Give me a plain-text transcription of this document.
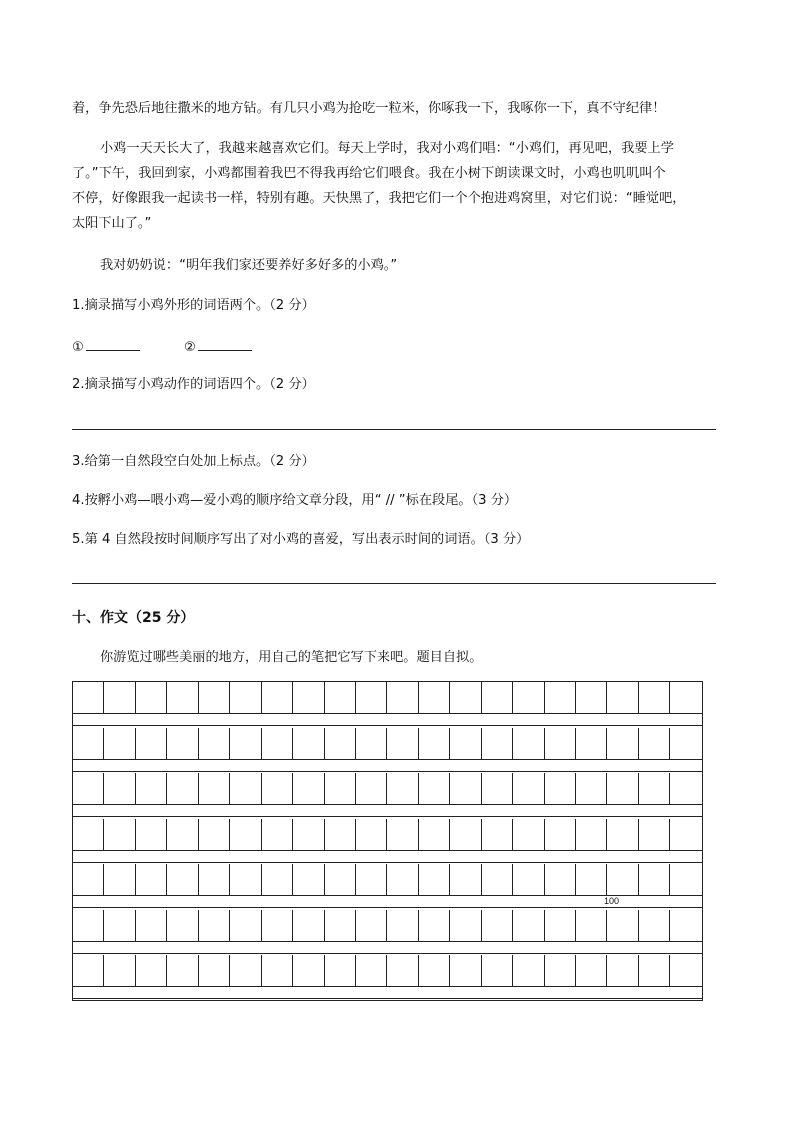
着，争先恐后地往撒米的地方钻。有几只小鸡为抢吃一粒米，你啄我一下，我啄你一下，真不守纪律！
小鸡一天天长大了，我越来越喜欢它们。每天上学时，我对小鸡们唱：“小鸡们，再见吧，我要上学
了。”下午，我回到家，小鸡都围着我巴不得我再给它们喂食。我在小树下朗读课文时，小鸡也叽叽叫个
不停，好像跟我一起读书一样，特别有趣。天快黑了，我把它们一个个抱进鸡窝里，对它们说：“睡觉吧，
太阳下山了。”
我对奶奶说：“明年我们家还要养好多好多的小鸡。”
1.摘录描写小鸡外形的词语两个。（2 分）
①	②
2.摘录描写小鸡动作的词语四个。（2 分）
3.给第一自然段空白处加上标点。（2 分）
4.按孵小鸡—喂小鸡—爱小鸡的顺序给文章分段，用“ // ”标在段尾。（3 分）
5.第 4 自然段按时间顺序写出了对小鸡的喜爱，写出表示时间的词语。（3 分）
十、作文（25 分）
你游览过哪些美丽的地方，用自己的笔把它写下来吧。题目自拟。
100
